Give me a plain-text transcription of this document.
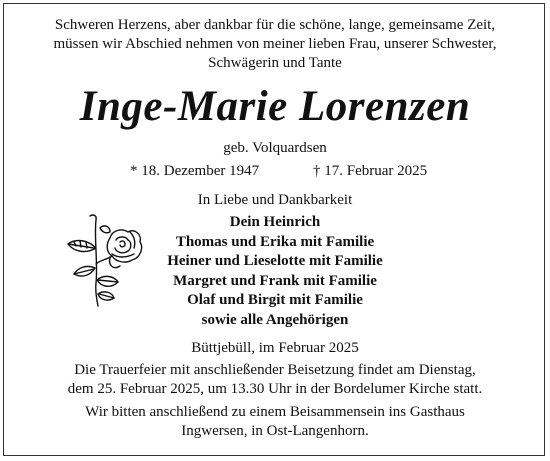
Schweren Herzens, aber dankbar für die schöne, lange, gemeinsame Zeit,
müssen wir Abschied nehmen von meiner lieben Frau, unserer Schwester,
Schwägerin und Tante
Inge-Marie Lorenzen
geb. Volquardsen
* 18. Dezember 1947	† 17. Februar 2025
In Liebe und Dankbarkeit
Dein Heinrich
Thomas und Erika mit Familie
Heiner und Lieselotte mit Familie
Margret und Frank mit Familie
Olaf und Birgit mit Familie
sowie alle Angehörigen
Büttjebüll, im Februar 2025
Die Trauerfeier mit anschließender Beisetzung findet am Dienstag,
dem 25. Februar 2025, um 13.30 Uhr in der Bordelumer Kirche statt.
Wir bitten anschließend zu einem Beisammensein ins Gasthaus
Ingwersen, in Ost-Langenhorn.
